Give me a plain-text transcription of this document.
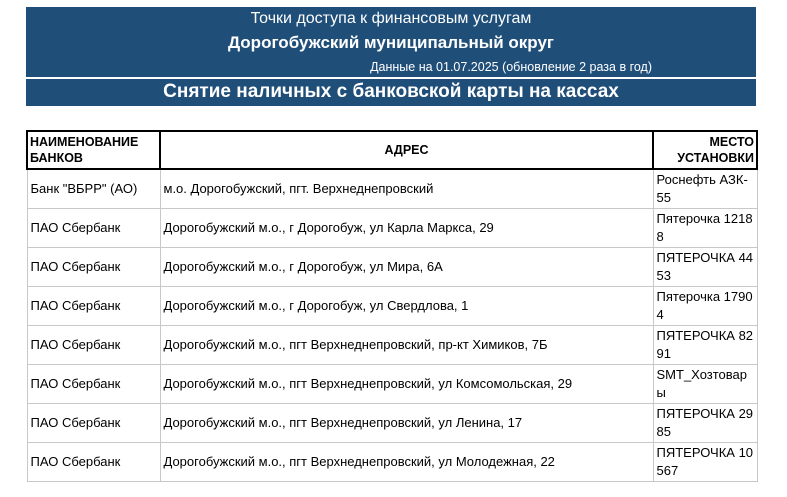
Точки доступа к финансовым услугам
Дорогобужский муниципальный округ
Данные на 01.07.2025 (обновление 2 раза в год)
Снятие наличных с банковской карты на кассах
НАИМЕНОВАНИЕ БАНКОВ	АДРЕС	МЕСТО УСТАНОВКИ
Банк "ВБРР" (АО)	м.о. Дорогобужский, пгт. Верхнеднепровский	Роснефть АЗК-55
ПАО Сбербанк	Дорогобужский м.о., г Дорогобуж, ул Карла Маркса, 29	Пятерочка 12188
ПАО Сбербанк	Дорогобужский м.о., г Дорогобуж, ул Мира, 6А	ПЯТЕРОЧКА 4453
ПАО Сбербанк	Дорогобужский м.о., г Дорогобуж, ул Свердлова, 1	Пятерочка 17904
ПАО Сбербанк	Дорогобужский м.о., пгт Верхнеднепровский, пр-кт Химиков, 7Б	ПЯТЕРОЧКА 8291
ПАО Сбербанк	Дорогобужский м.о., пгт Верхнеднепровский, ул Комсомольская, 29	SMT_Хозтовары
ПАО Сбербанк	Дорогобужский м.о., пгт Верхнеднепровский, ул Ленина, 17	ПЯТЕРОЧКА 2985
ПАО Сбербанк	Дорогобужский м.о., пгт Верхнеднепровский, ул Молодежная, 22	ПЯТЕРОЧКА 10567
